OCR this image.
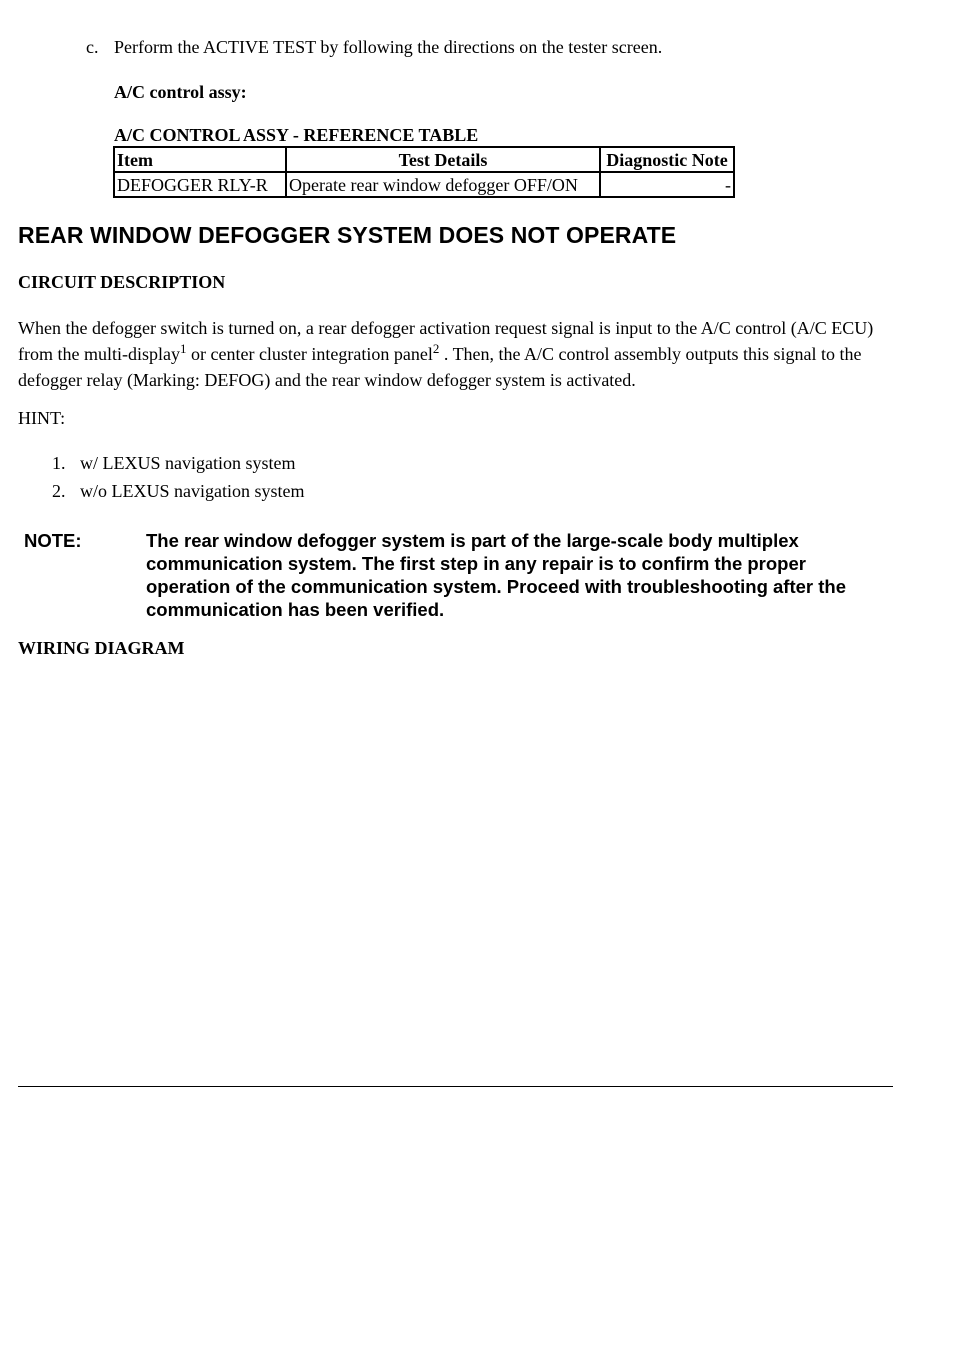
c. Perform the ACTIVE TEST by following the directions on the tester screen.

A/C control assy:

A/C CONTROL ASSY - REFERENCE TABLE

Item	Test Details	Diagnostic Note
DEFOGGER RLY-R	Operate rear window defogger OFF/ON	-
REAR WINDOW DEFOGGER SYSTEM DOES NOT OPERATE
CIRCUIT DESCRIPTION

When the defogger switch is turned on, a rear defogger activation request signal is input to the A/C control (A/C ECU) from the multi-display$^1$ or center cluster integration panel$^2$ . Then, the A/C control assembly outputs this signal to the defogger relay (Marking: DEFOG) and the rear window defogger system is activated.

HINT:

1. w/ LEXUS navigation system
2. w/o LEXUS navigation system
NOTE:	The rear window defogger system is part of the large-scale body multiplex communication system. The first step in any repair is to confirm the proper operation of the communication system. Proceed with troubleshooting after the communication has been verified.

WIRING DIAGRAM
